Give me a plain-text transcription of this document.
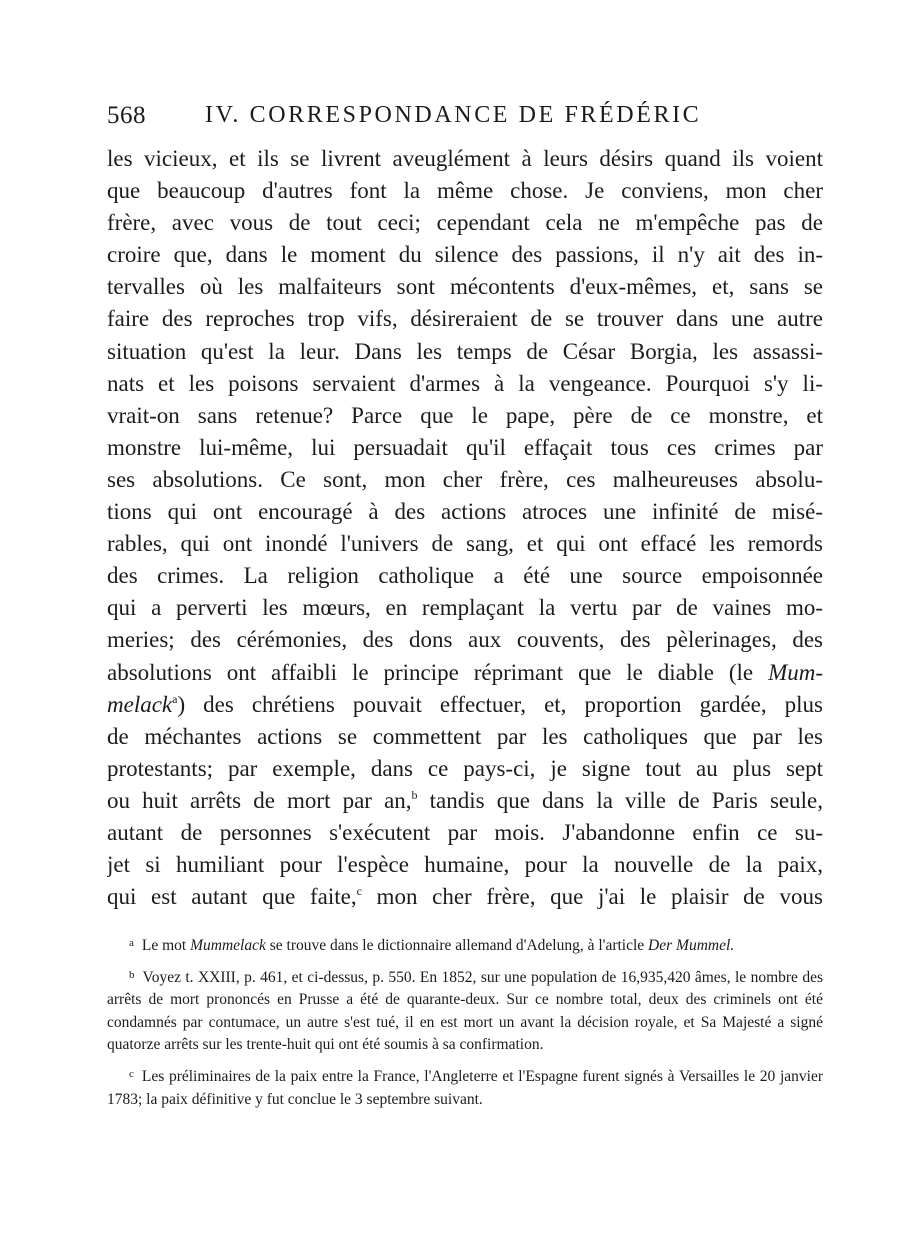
568 IV. CORRESPONDANCE DE FRÉDÉRIC
les vicieux, et ils se livrent aveuglément à leurs désirs quand ils voient
que beaucoup d'autres font la même chose. Je conviens, mon cher
frère, avec vous de tout ceci; cependant cela ne m'empêche pas de
croire que, dans le moment du silence des passions, il n'y ait des in-
tervalles où les malfaiteurs sont mécontents d'eux-mêmes, et, sans se
faire des reproches trop vifs, désireraient de se trouver dans une autre
situation qu'est la leur. Dans les temps de César Borgia, les assassi-
nats et les poisons servaient d'armes à la vengeance. Pourquoi s'y li-
vrait-on sans retenue? Parce que le pape, père de ce monstre, et
monstre lui-même, lui persuadait qu'il effaçait tous ces crimes par
ses absolutions. Ce sont, mon cher frère, ces malheureuses absolu-
tions qui ont encouragé à des actions atroces une infinité de misé-
rables, qui ont inondé l'univers de sang, et qui ont effacé les remords
des crimes. La religion catholique a été une source empoisonnée
qui a perverti les mœurs, en remplaçant la vertu par de vaines mo-
meries; des cérémonies, des dons aux couvents, des pèlerinages, des
absolutions ont affaibli le principe réprimant que le diable (le Mum-
melack$^a$) des chrétiens pouvait effectuer, et, proportion gardée, plus
de méchantes actions se commettent par les catholiques que par les
protestants; par exemple, dans ce pays-ci, je signe tout au plus sept
ou huit arrêts de mort par an,$^b$ tandis que dans la ville de Paris seule,
autant de personnes s'exécutent par mois. J'abandonne enfin ce su-
jet si humiliant pour l'espèce humaine, pour la nouvelle de la paix,
qui est autant que faite,$^c$ mon cher frère, que j'ai le plaisir de vous

$^a$ Le mot Mummelack se trouve dans le dictionnaire allemand d'Adelung, à l'article Der Mummel.

$^b$ Voyez t. XXIII, p. 461, et ci-dessus, p. 550. En 1852, sur une population de 16,935,420 âmes, le nombre des arrêts de mort prononcés en Prusse a été de quarante-deux. Sur ce nombre total, deux des criminels ont été condamnés par contumace, un autre s'est tué, il en est mort un avant la décision royale, et Sa Majesté a signé quatorze arrêts sur les trente-huit qui ont été soumis à sa confirmation.

$^c$ Les préliminaires de la paix entre la France, l'Angleterre et l'Espagne furent signés à Versailles le 20 janvier 1783; la paix définitive y fut conclue le 3 septembre suivant.
